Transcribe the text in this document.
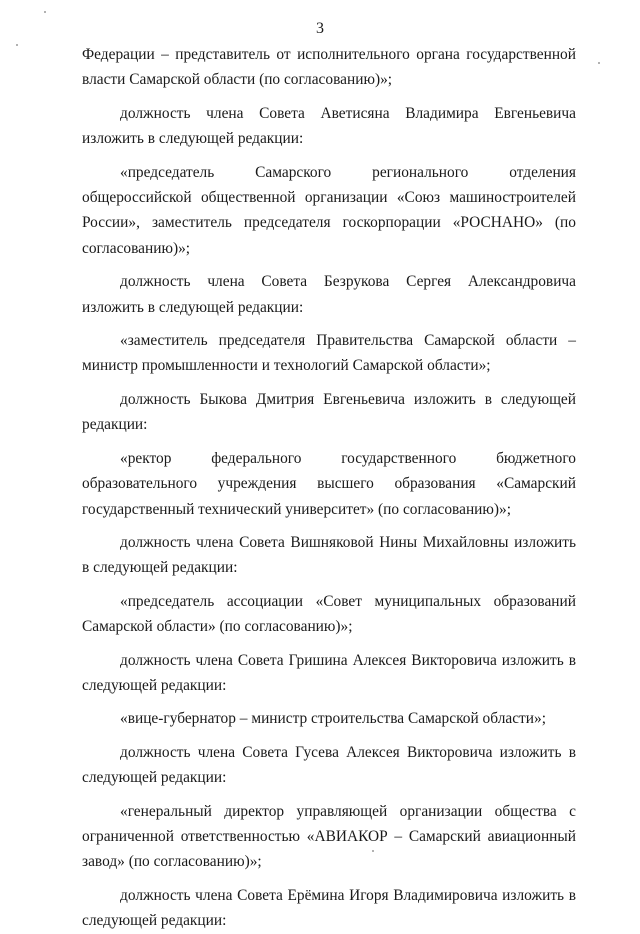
3

Федерации – представитель от исполнительного органа государственной власти Самарской области (по согласованию)»;

должность члена Совета Аветисяна Владимира Евгеньевича изложить в следующей редакции:

«председатель Самарского регионального отделения общероссийской общественной организации «Союз машиностроителей России», заместитель председателя госкорпорации «РОСНАНО» (по согласованию)»;

должность члена Совета Безрукова Сергея Александровича изложить в следующей редакции:

«заместитель председателя Правительства Самарской области – министр промышленности и технологий Самарской области»;

должность Быкова Дмитрия Евгеньевича изложить в следующей редакции:

«ректор федерального государственного бюджетного образовательного учреждения высшего образования «Самарский государственный технический университет» (по согласованию)»;

должность члена Совета Вишняковой Нины Михайловны изложить в следующей редакции:

«председатель ассоциации «Совет муниципальных образований Самарской области» (по согласованию)»;

должность члена Совета Гришина Алексея Викторовича изложить в следующей редакции:

«вице-губернатор – министр строительства Самарской области»;

должность члена Совета Гусева Алексея Викторовича изложить в следующей редакции:

«генеральный директор управляющей организации общества с ограниченной ответственностью «АВИАКОР – Самарский авиационный завод» (по согласованию)»;

должность члена Совета Ерёмина Игоря Владимировича изложить в следующей редакции:
